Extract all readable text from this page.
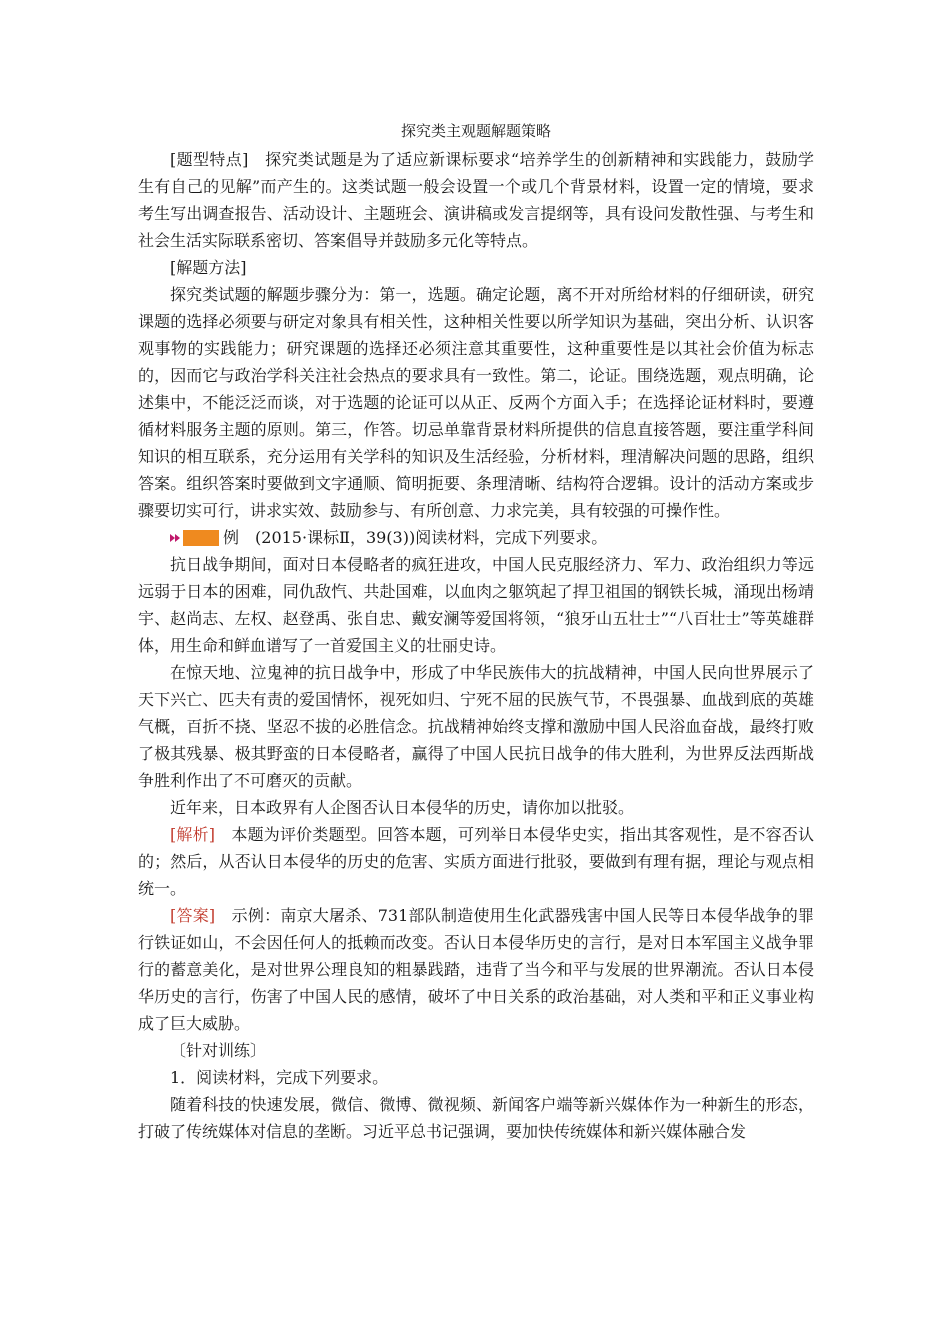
探究类主观题解题策略

[题型特点]　 探究类试题是为了适应新课标要求“培养学生的创新精神和实践能力，鼓励学生有自己的见解”而产生的。这类试题一般会设置一个或几个背景材料，设置一定的情境，要求考生写出调查报告、活动设计、主题班会、演讲稿或发言提纲等，具有设问发散性强、与考生和社会生活实际联系密切、答案倡导并鼓励多元化等特点。

[解题方法]

探究类试题的解题步骤分为：第一，选题。确定论题，离不开对所给材料的仔细研读，研究课题的选择必须要与研定对象具有相关性，这种相关性要以所学知识为基础，突出分析、认识客观事物的实践能力；研究课题的选择还必须注意其重要性，这种重要性是以其社会价值为标志的，因而它与政治学科关注社会热点的要求具有一致性。第二，论证。围绕选题，观点明确，论述集中，不能泛泛而谈，对于选题的论证可以从正、反两个方面入手；在选择论证材料时，要遵循材料服务主题的原则。第三，作答。切忌单靠背景材料所提供的信息直接答题，要注重学科间知识的相互联系，充分运用有关学科的知识及生活经验，分析材料，理清解决问题的思路，组织答案。组织答案时要做到文字通顺、简明扼要、条理清晰、结构符合逻辑。设计的活动方案或步骤要切实可行，讲求实效、鼓励参与、有所创意、力求完美，具有较强的可操作性。

例 (2015·课标Ⅱ，39(3))阅读材料，完成下列要求。

抗日战争期间，面对日本侵略者的疯狂进攻，中国人民克服经济力、军力、政治组织力等远远弱于日本的困难，同仇敌忾、共赴国难，以血肉之躯筑起了捍卫祖国的钢铁长城，涌现出杨靖宇、赵尚志、左权、赵登禹、张自忠、戴安澜等爱国将领，“狼牙山五壮士”“八百壮士”等英雄群体，用生命和鲜血谱写了一首爱国主义的壮丽史诗。

在惊天地、泣鬼神的抗日战争中，形成了中华民族伟大的抗战精神，中国人民向世界展示了天下兴亡、匹夫有责的爱国情怀，视死如归、宁死不屈的民族气节，不畏强暴、血战到底的英雄气概，百折不挠、坚忍不拔的必胜信念。抗战精神始终支撑和激励中国人民浴血奋战，最终打败了极其残暴、极其野蛮的日本侵略者，赢得了中国人民抗日战争的伟大胜利，为世界反法西斯战争胜利作出了不可磨灭的贡献。

近年来，日本政界有人企图否认日本侵华的历史，请你加以批驳。

[解析]　 本题为评价类题型。回答本题，可列举日本侵华史实，指出其客观性，是不容否认的；然后，从否认日本侵华的历史的危害、实质方面进行批驳，要做到有理有据，理论与观点相统一。

[答案]　 示例：南京大屠杀、731部队制造使用生化武器残害中国人民等日本侵华战争的罪行铁证如山，不会因任何人的抵赖而改变。否认日本侵华历史的言行，是对日本军国主义战争罪行的蓄意美化，是对世界公理良知的粗暴践踏，违背了当今和平与发展的世界潮流。否认日本侵华历史的言行，伤害了中国人民的感情，破坏了中日关系的政治基础，对人类和平和正义事业构成了巨大威胁。

〔针对训练〕

1．阅读材料，完成下列要求。

随着科技的快速发展，微信、微博、微视频、新闻客户端等新兴媒体作为一种新生的形态，打破了传统媒体对信息的垄断。习近平总书记强调，要加快传统媒体和新兴媒体融合发
